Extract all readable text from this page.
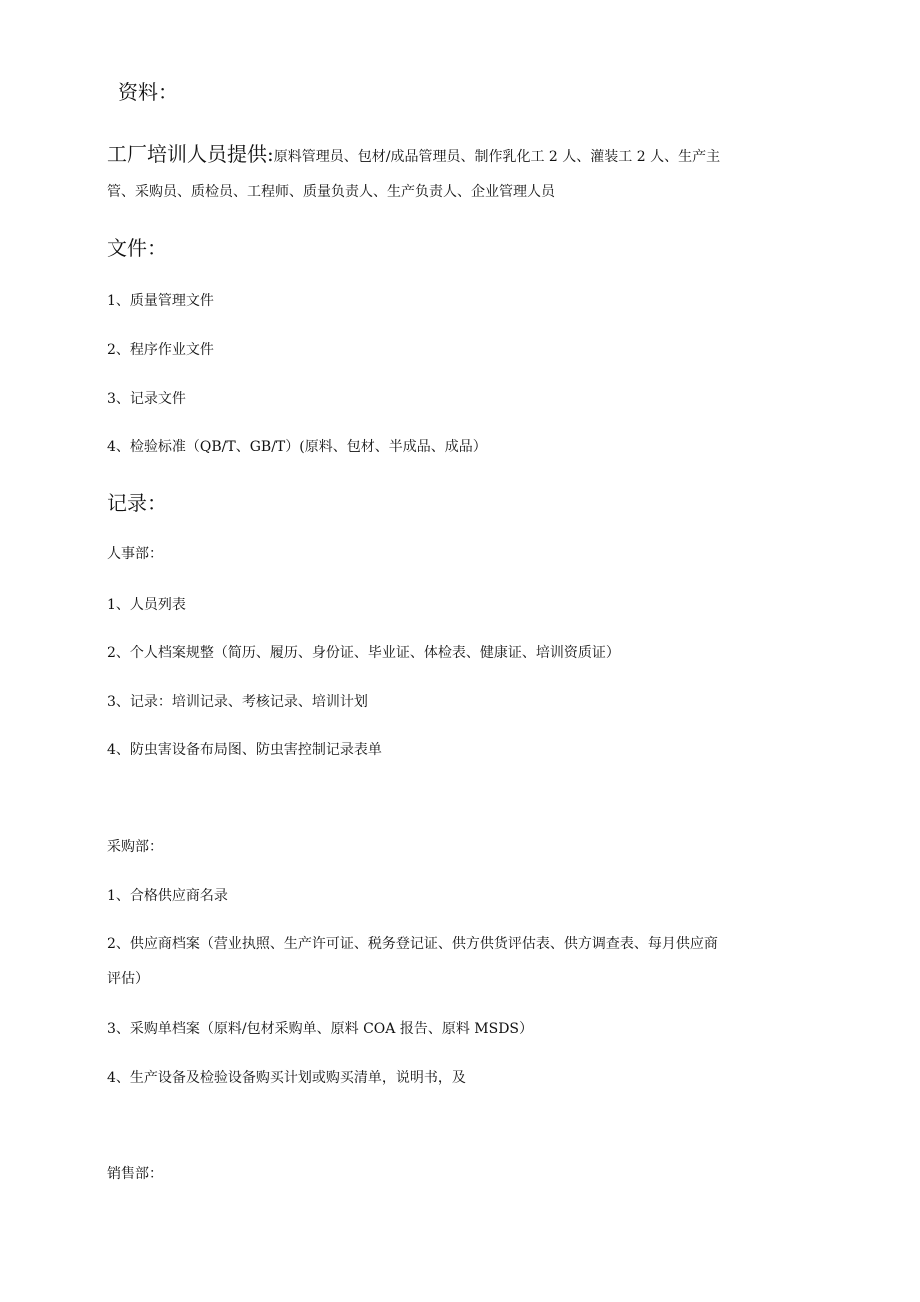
资料：

工厂培训人员提供:原料管理员、包材/成品管理员、制作乳化工 2 人、灌装工 2 人、生产主

管、采购员、质检员、工程师、质量负责人、生产负责人、企业管理人员

文件：

1、质量管理文件

2、程序作业文件

3、记录文件

4、检验标准（QB/T、GB/T）(原料、包材、半成品、成品）

记录：

人事部：

1、人员列表

2、个人档案规整（简历、履历、身份证、毕业证、体检表、健康证、培训资质证）

3、记录：培训记录、考核记录、培训计划

4、防虫害设备布局图、防虫害控制记录表单

采购部：

1、合格供应商名录

2、供应商档案（营业执照、生产许可证、税务登记证、供方供货评估表、供方调查表、每月供应商

评估）

3、采购单档案（原料/包材采购单、原料 COA 报告、原料 MSDS）

4、生产设备及检验设备购买计划或购买清单，说明书，及

销售部：
